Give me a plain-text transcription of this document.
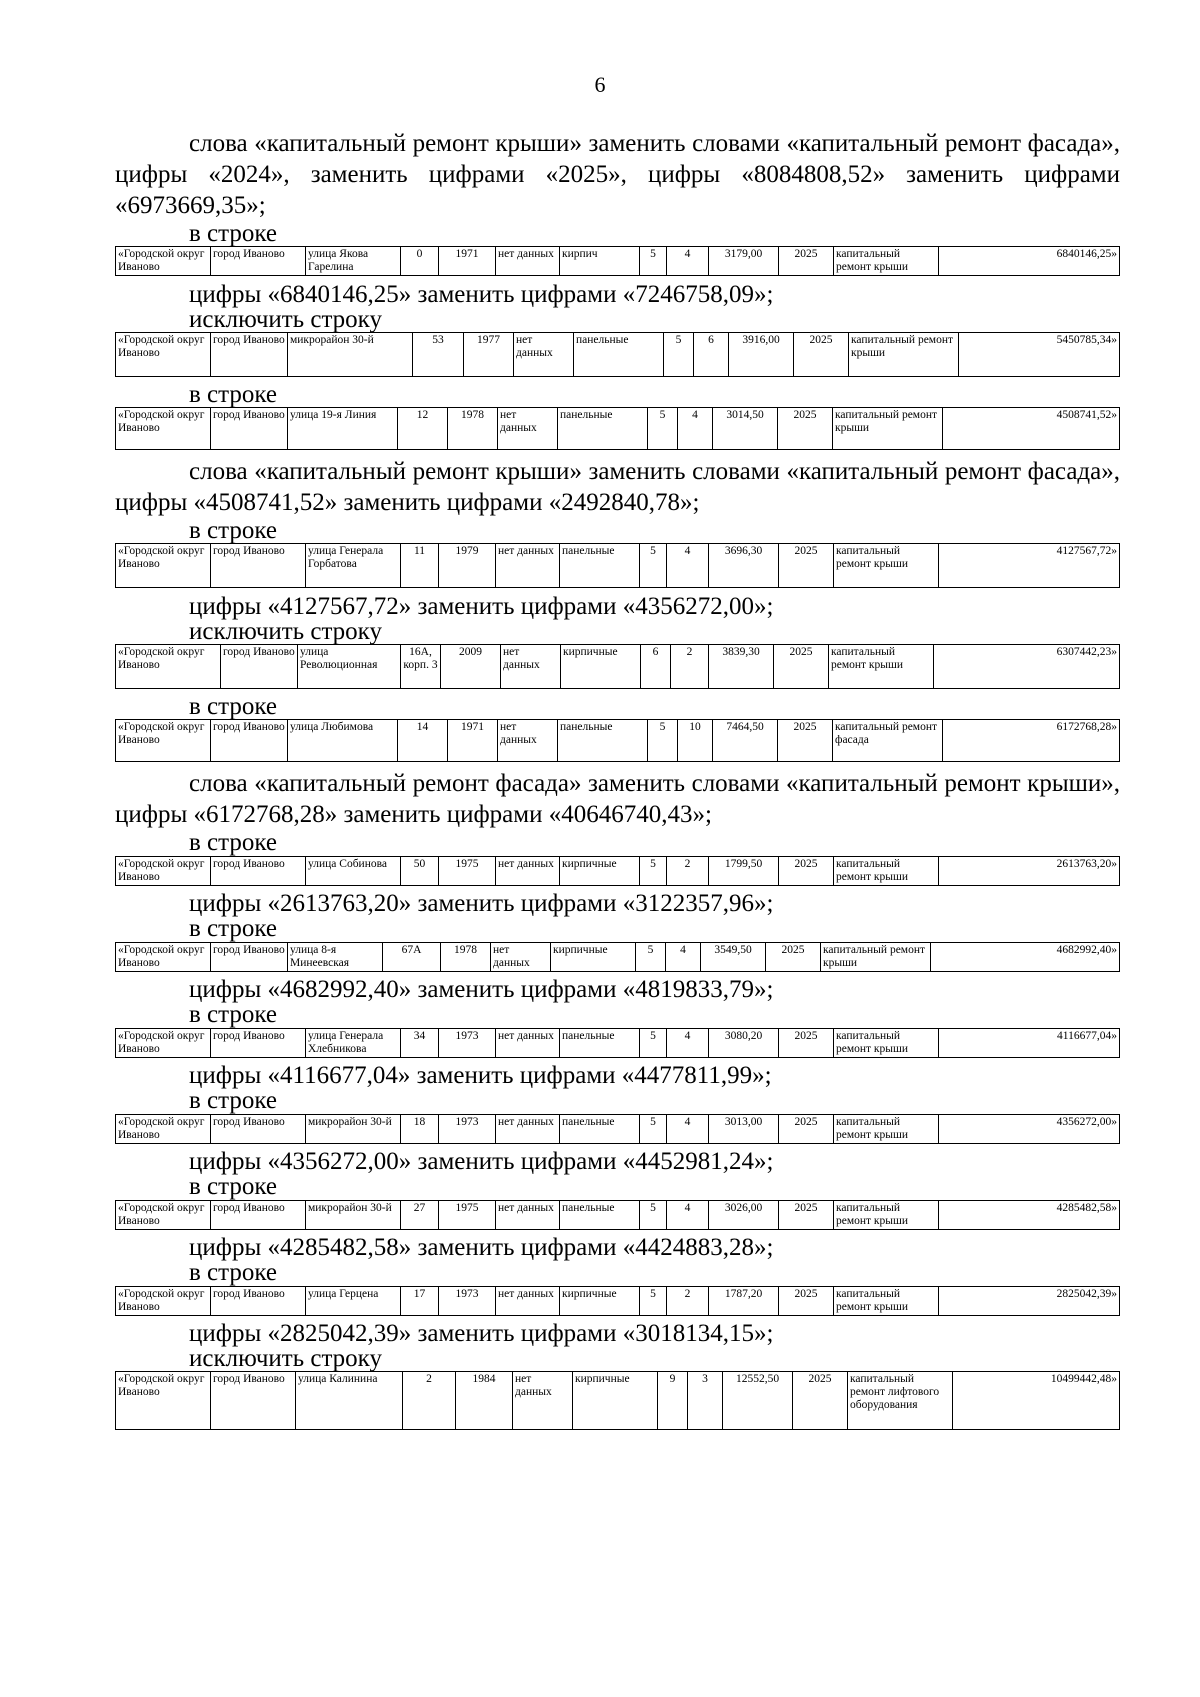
6

слова «капитальный ремонт крыши» заменить словами «капитальный ремонт фасада», цифры «2024», заменить цифрами «2025», цифры «8084808,52» заменить цифрами «6973669,35»;

в строке

«Городской округ Иваново	город Иваново	улица Якова Гарелина	0	1971	нет данных	кирпич	5	4	3179,00	2025	капитальный ремонт крыши	6840146,25»

цифры «6840146,25» заменить цифрами «7246758,09»;

исключить строку

«Городской округ Иваново	город Иваново	микрорайон 30-й	53	1977	нет данных	панельные	5	6	3916,00	2025	капитальный ремонт крыши	5450785,34»

в строке

«Городской округ Иваново	город Иваново	улица 19-я Линия	12	1978	нет данных	панельные	5	4	3014,50	2025	капитальный ремонт крыши	4508741,52»

слова «капитальный ремонт крыши» заменить словами «капитальный ремонт фасада», цифры «4508741,52» заменить цифрами «2492840,78»;

в строке

«Городской округ Иваново	город Иваново	улица Генерала Горбатова	11	1979	нет данных	панельные	5	4	3696,30	2025	капитальный ремонт крыши	4127567,72»

цифры «4127567,72» заменить цифрами «4356272,00»;

исключить строку

«Городской округ Иваново	город Иваново	улица Революционная	16А, корп. 3	2009	нет данных	кирпичные	6	2	3839,30	2025	капитальный ремонт крыши	6307442,23»

в строке

«Городской округ Иваново	город Иваново	улица Любимова	14	1971	нет данных	панельные	5	10	7464,50	2025	капитальный ремонт фасада	6172768,28»

слова «капитальный ремонт фасада» заменить словами «капитальный ремонт крыши», цифры «6172768,28» заменить цифрами «40646740,43»;

в строке

«Городской округ Иваново	город Иваново	улица Собинова	50	1975	нет данных	кирпичные	5	2	1799,50	2025	капитальный ремонт крыши	2613763,20»

цифры «2613763,20» заменить цифрами «3122357,96»;

в строке

«Городской округ Иваново	город Иваново	улица 8-я Минеевская	67А	1978	нет данных	кирпичные	5	4	3549,50	2025	капитальный ремонт крыши	4682992,40»

цифры «4682992,40» заменить цифрами «4819833,79»;

в строке

«Городской округ Иваново	город Иваново	улица Генерала Хлебникова	34	1973	нет данных	панельные	5	4	3080,20	2025	капитальный ремонт крыши	4116677,04»

цифры «4116677,04» заменить цифрами «4477811,99»;

в строке

«Городской округ Иваново	город Иваново	микрорайон 30-й	18	1973	нет данных	панельные	5	4	3013,00	2025	капитальный ремонт крыши	4356272,00»

цифры «4356272,00» заменить цифрами «4452981,24»;

в строке

«Городской округ Иваново	город Иваново	микрорайон 30-й	27	1975	нет данных	панельные	5	4	3026,00	2025	капитальный ремонт крыши	4285482,58»

цифры «4285482,58» заменить цифрами «4424883,28»;

в строке

«Городской округ Иваново	город Иваново	улица Герцена	17	1973	нет данных	кирпичные	5	2	1787,20	2025	капитальный ремонт крыши	2825042,39»

цифры «2825042,39» заменить цифрами «3018134,15»;

исключить строку

«Городской округ Иваново	город Иваново	улица Калинина	2	1984	нет данных	кирпичные	9	3	12552,50	2025	капитальный ремонт лифтового оборудования	10499442,48»
